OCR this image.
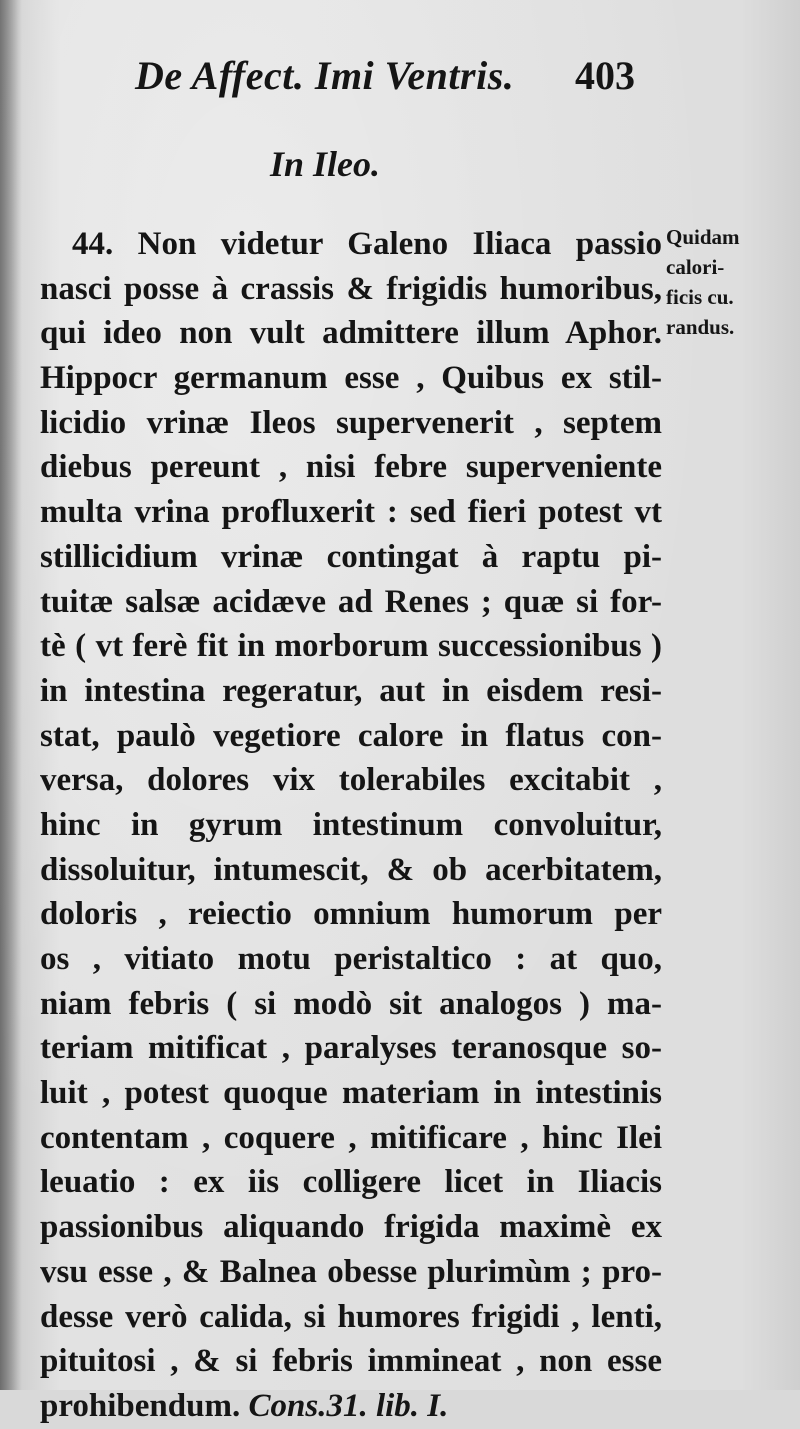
De Affect. Imi Ventris. 403
In Ileo.
44. Non videtur Galeno Iliaca passio
nasci posse à crassis & frigidis humoribus,
qui ideo non vult admittere illum Aphor.
Hippocr germanum esse , Quibus ex stil-
licidio vrinæ Ileos supervenerit , septem
diebus pereunt , nisi febre superveniente
multa vrina profluxerit : sed fieri potest vt
stillicidium vrinæ contingat à raptu pi-
tuitæ salsæ acidæve ad Renes ; quæ si for-
tè ( vt ferè fit in morborum successionibus )
in intestina regeratur, aut in eisdem resi-
stat, paulò vegetiore calore in flatus con-
versa, dolores vix tolerabiles excitabit ,
hinc in gyrum intestinum convoluitur,
dissoluitur, intumescit, & ob acerbitatem,
doloris , reiectio omnium humorum per
os , vitiato motu peristaltico : at quo,
niam febris ( si modò sit analogos ) ma-
teriam mitificat , paralyses teranosque so-
luit , potest quoque materiam in intestinis
contentam , coquere , mitificare , hinc Ilei
leuatio : ex iis colligere licet in Iliacis
passionibus aliquando frigida maximè ex
vsu esse , & Balnea obesse plurimùm ; pro-
desse verò calida, si humores frigidi , lenti,
pituitosi , & si febris immineat , non esse
prohibendum. Cons.31. lib. I.
Quidam
calori-
ficis cu.
randus.
